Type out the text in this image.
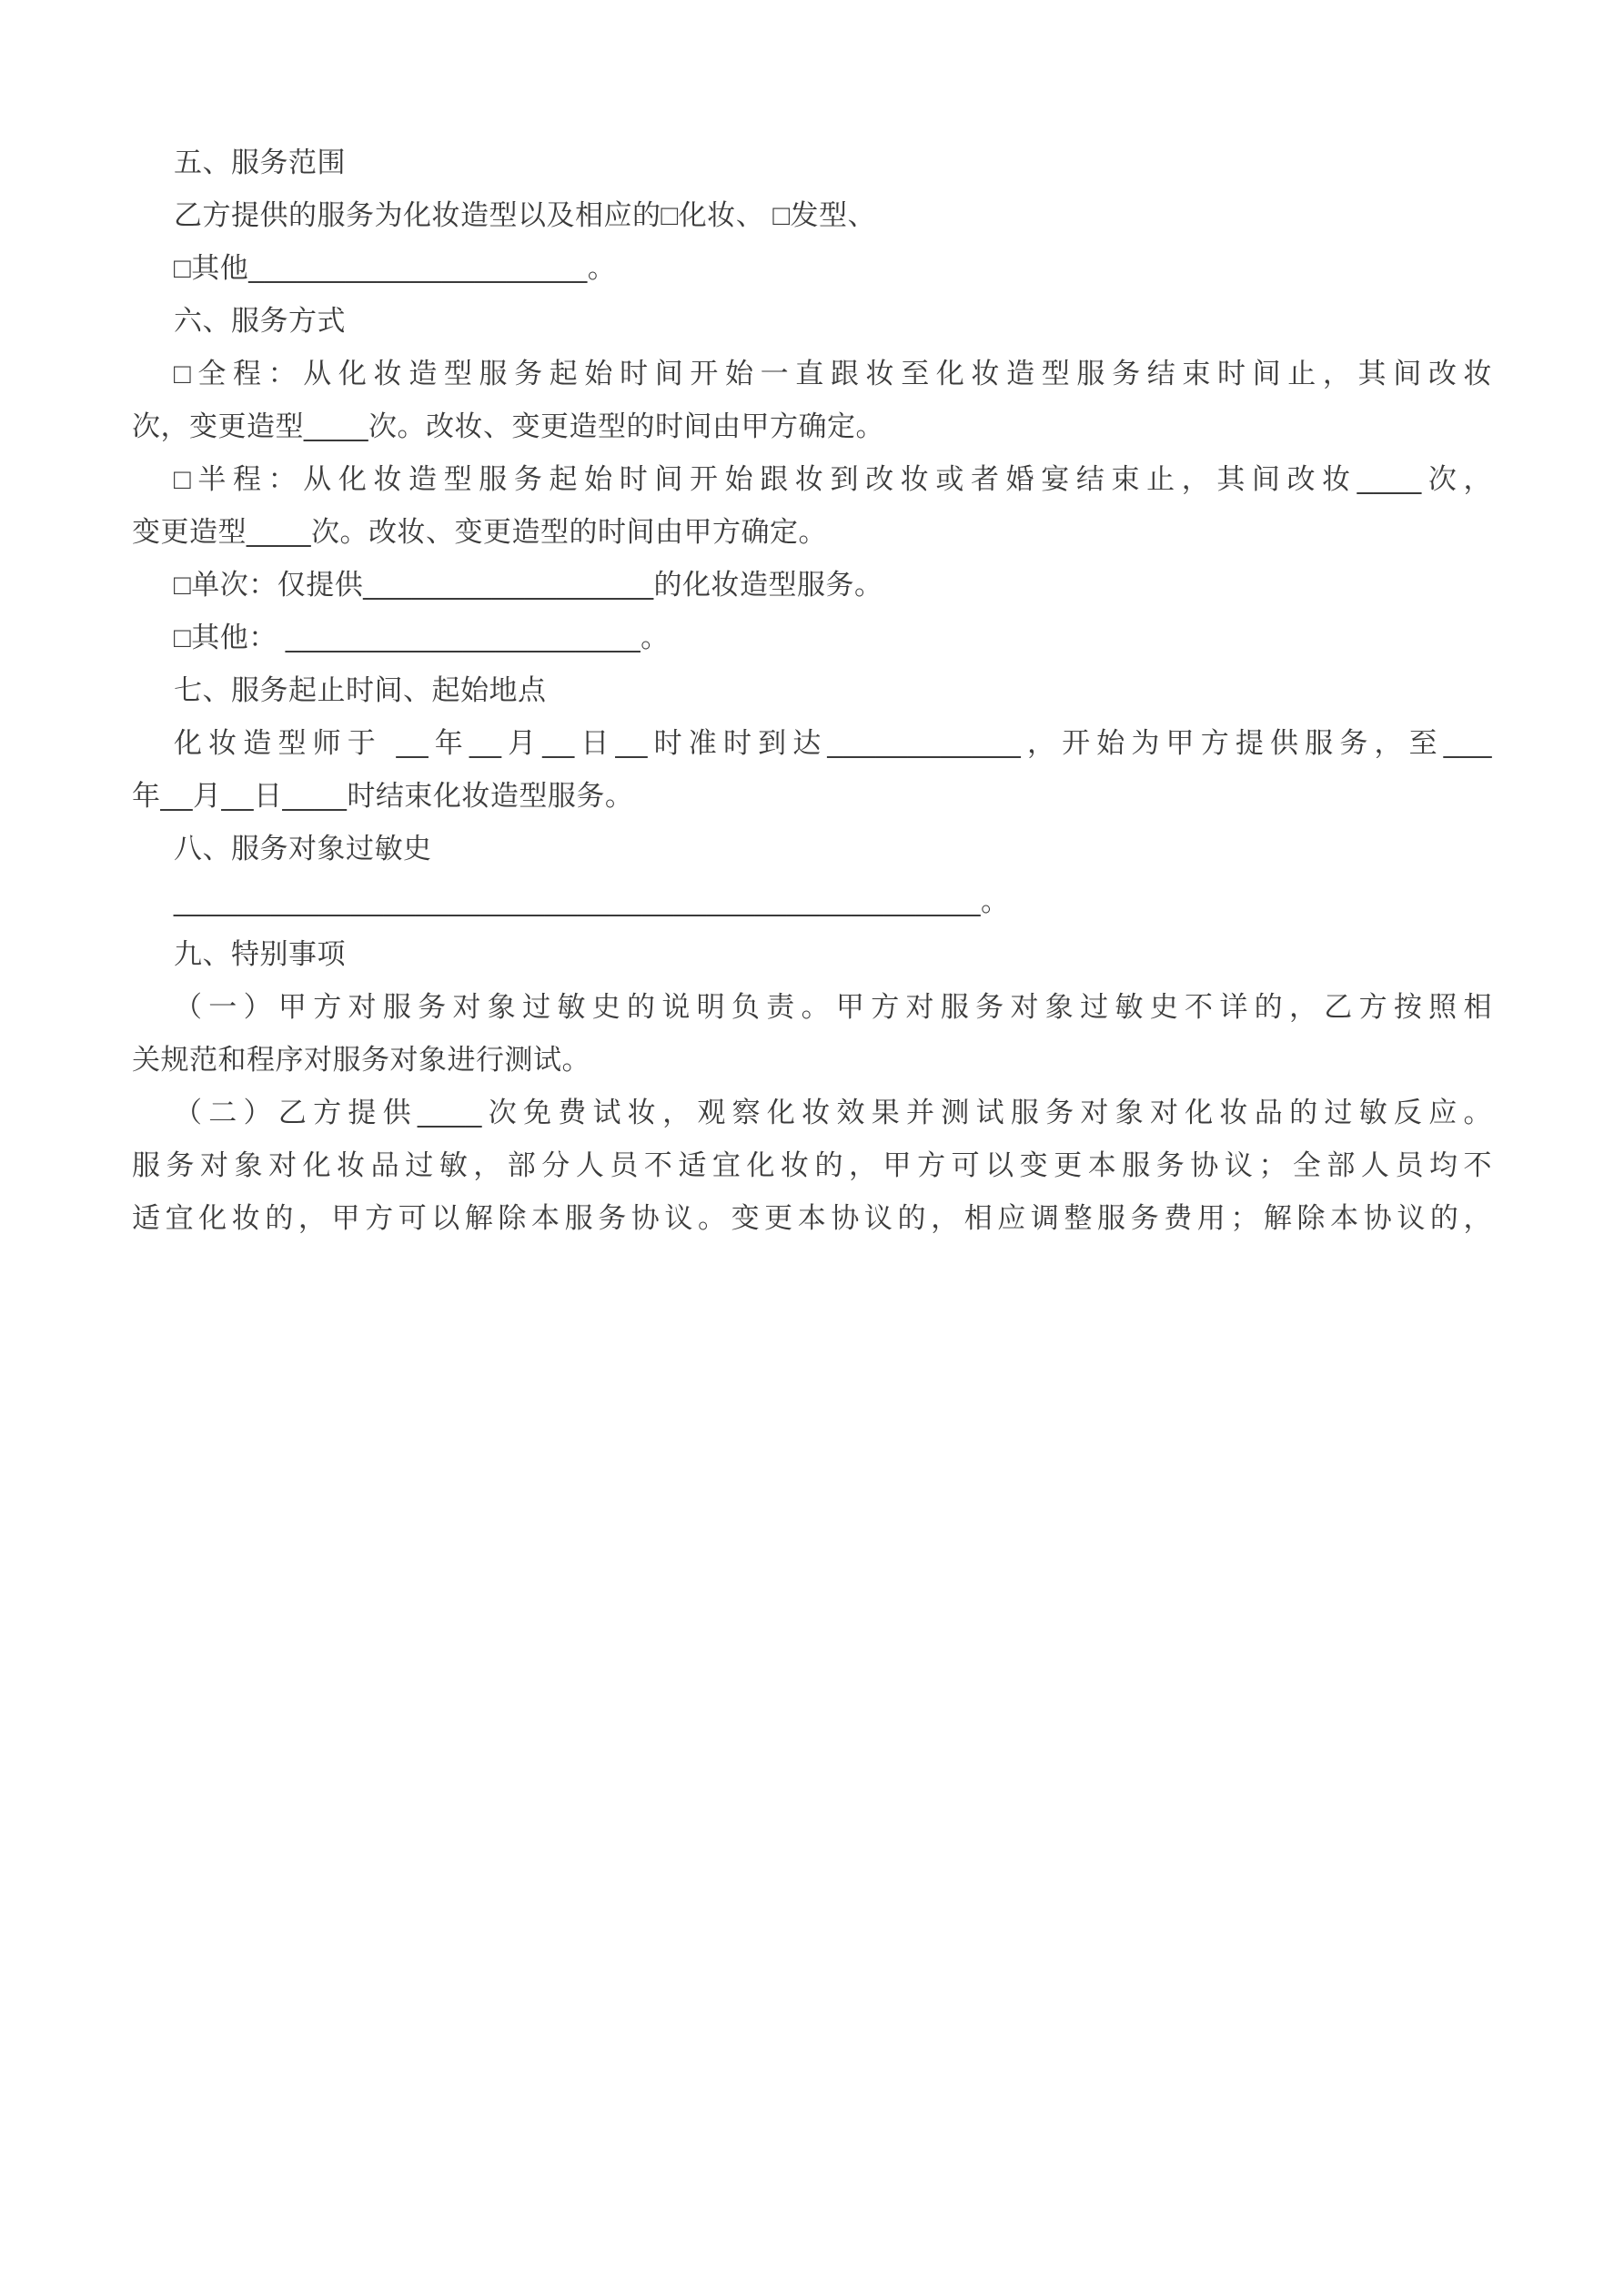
五、服务范围
乙方提供的服务为化妆造型以及相应的□化妆、 □发型、
□其他_____________________。
六、服务方式
□全程：从化妆造型服务起始时间开始一直跟妆至化妆造型服务结束时间止，其间改妆
次，变更造型____次。改妆、变更造型的时间由甲方确定。
□半程：从化妆造型服务起始时间开始跟妆到改妆或者婚宴结束止，其间改妆____次，
变更造型____次。改妆、变更造型的时间由甲方确定。
□单次：仅提供__________________的化妆造型服务。
□其他： ______________________。
七、服务起止时间、起始地点
化妆造型师于 __年__月__日__时准时到达____________，开始为甲方提供服务，至___
年__月__日____时结束化妆造型服务。
八、服务对象过敏史
__________________________________________________。
九、特别事项
（一）甲方对服务对象过敏史的说明负责。甲方对服务对象过敏史不详的，乙方按照相
关规范和程序对服务对象进行测试。
（二）乙方提供____次免费试妆，观察化妆效果并测试服务对象对化妆品的过敏反应。
服务对象对化妆品过敏，部分人员不适宜化妆的，甲方可以变更本服务协议；全部人员均不
适宜化妆的，甲方可以解除本服务协议。变更本协议的，相应调整服务费用；解除本协议的，
